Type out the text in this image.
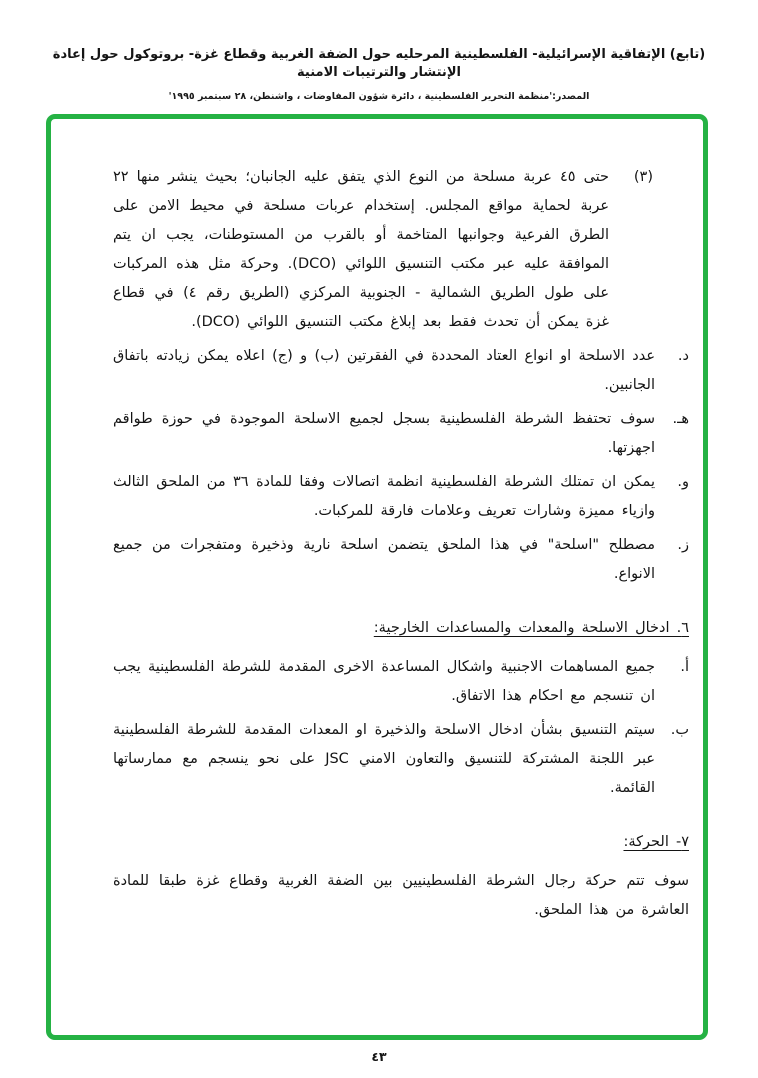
(تابع) الإتفاقية الإسرائيلية- الفلسطينية المرحليه حول الضفة الغربية وقطاع غزة- بروتوكول حول إعادة الإنتشار والترتيبات الامنية
المصدر:'منظمة التحرير الفلسطينية ، دائرة شؤون المفاوضات ، واشنطن، ٢٨ سبتمبر ١٩٩٥'
(٣)
حتى ٤٥ عربة مسلحة من النوع الذي يتفق عليه الجانبان؛ بحيث ينشر منها ٢٢ عربة لحماية مواقع المجلس. إستخدام عربات مسلحة في محيط الامن على الطرق الفرعية وجوانبها المتاخمة أو بالقرب من المستوطنات، يجب ان يتم الموافقة عليه عبر مكتب التنسيق اللوائي (DCO). وحركة مثل هذه المركبات على طول الطريق الشمالية - الجنوبية المركزي (الطريق رقم ٤) في قطاع غزة يمكن أن تحدث فقط بعد إبلاغ مكتب التنسيق اللوائي (DCO).
د.
عدد الاسلحة او انواع العتاد المحددة في الفقرتين (ب) و (ج) اعلاه يمكن زيادته باتفاق الجانبين.
هـ.
سوف تحتفظ الشرطة الفلسطينية بسجل لجميع الاسلحة الموجودة في حوزة طواقم اجهزتها.
و.
يمكن ان تمتلك الشرطة الفلسطينية انظمة اتصالات وفقا للمادة ٣٦ من الملحق الثالث وازياء مميزة وشارات تعريف وعلامات فارقة للمركبات.
ز.
مصطلح "اسلحة" في هذا الملحق يتضمن اسلحة نارية وذخيرة ومتفجرات من جميع الانواع.
٦. ادخال الاسلحة والمعدات والمساعدات الخارجية:
أ.
جميع المساهمات الاجنبية واشكال المساعدة الاخرى المقدمة للشرطة الفلسطينية يجب ان تنسجم مع احكام هذا الاتفاق.
ب.
سيتم التنسيق بشأن ادخال الاسلحة والذخيرة او المعدات المقدمة للشرطة الفلسطينية عبر اللجنة المشتركة للتنسيق والتعاون الامني JSC على نحو ينسجم مع ممارساتها القائمة.
٧- الحركة:
سوف تتم حركة رجال الشرطة الفلسطينيين بين الضفة الغربية وقطاع غزة طبقا للمادة العاشرة من هذا الملحق.
٤٣
